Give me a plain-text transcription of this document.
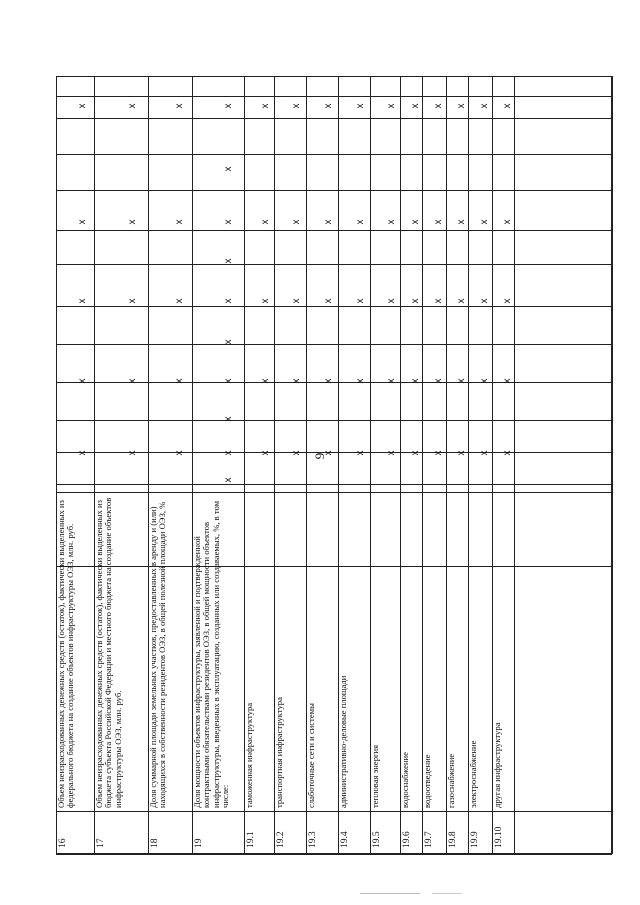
9
Объем неизрасходованных денежных средств (остаток), фактически выделенных из федерального бюджета на создание объектов инфраструктуры ОЭЗ, млн. руб.
16
x
x
x
x
x
Объем неизрасходованных денежных средств (остаток), фактически выделенных из бюджета субъекта Российской Федерации и местного бюджета на создание объектов инфраструктуры ОЭЗ, млн. руб.
17
x
x
x
x
x
Доля суммарной площади земельных участков, предоставленных в аренду и (или) находящихся в собственности резидентов ОЭЗ, в общей полезной площади ОЭЗ, %
18
x
x
x
x
x
Доля мощности объектов инфраструктуры, заявленной и подтвержденной контрактными обязательствами резидентов ОЭЗ, в общей мощности объектов инфраструктуры, введенных в эксплуатацию, созданных или создаваемых, %, в том числе:
19
x
x
x
x
x
x
x
x
x
x
таможенная инфраструктура
19.1
x
x
x
x
x
транспортная инфраструктура
19.2
x
x
x
x
x
слаботочные сети и системы
19.3
x
x
x
x
x
административно-деловые площади
19.4
x
x
x
x
x
тепловая энергия
19.5
x
x
x
x
x
водоснабжение
19.6
x
x
x
x
x
водоотведение
19.7
x
x
x
x
x
газоснабжение
19.8
x
x
x
x
x
электроснабжение
19.9
x
x
x
x
x
другая инфраструктура
19.10
x
x
x
x
x
